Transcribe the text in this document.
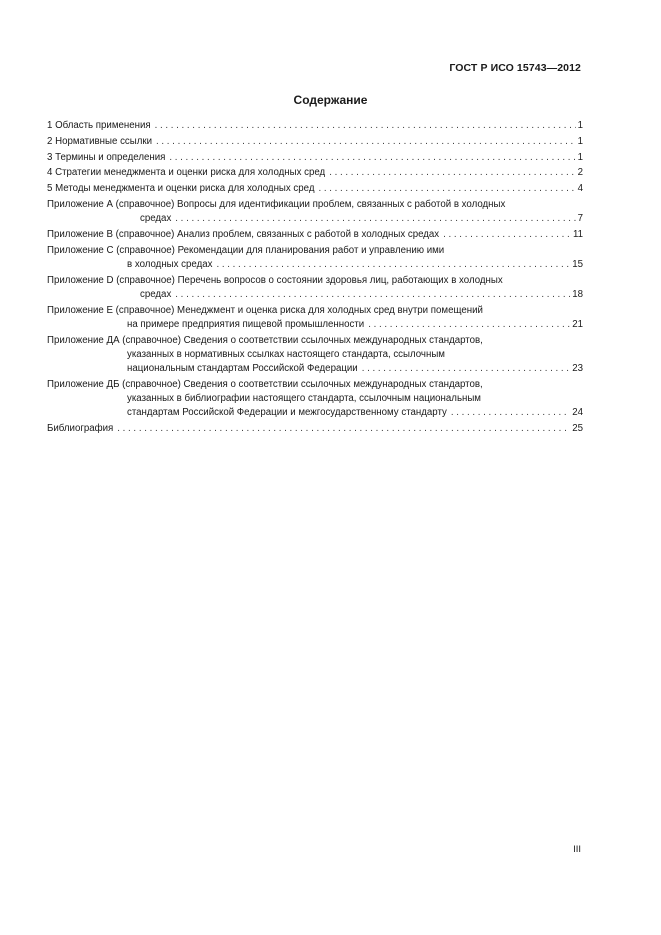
ГОСТ Р ИСО 15743—2012
Содержание
1 Область применения . . .	1
2 Нормативные ссылки . . .	1
3 Термины и определения . . .	1
4 Стратегии менеджмента и оценки риска для холодных сред . . .	2
5 Методы менеджмента и оценки риска для холодных сред . . .	4
Приложение А (справочное) Вопросы для идентификации проблем, связанных с работой в холодных
средах . . .	7
Приложение В (справочное) Анализ проблем, связанных с работой в холодных средах . . .	11
Приложение С (справочное) Рекомендации для планирования работ и управлению ими
в холодных средах . . .	15
Приложение D (справочное) Перечень вопросов о состоянии здоровья лиц, работающих в холодных
средах . . .	18
Приложение Е (справочное) Менеджмент и оценка риска для холодных сред внутри помещений
на примере предприятия пищевой промышленности . . .	21
Приложение ДА (справочное) Сведения о соответствии ссылочных международных стандартов,
указанных в нормативных ссылках настоящего стандарта, ссылочным
национальным стандартам Российской Федерации . . .	23
Приложение ДБ (справочное) Сведения о соответствии ссылочных международных стандартов,
указанных в библиографии настоящего стандарта, ссылочным национальным
стандартам Российской Федерации и межгосударственному стандарту . . .	24
Библиография . . .	25
III
